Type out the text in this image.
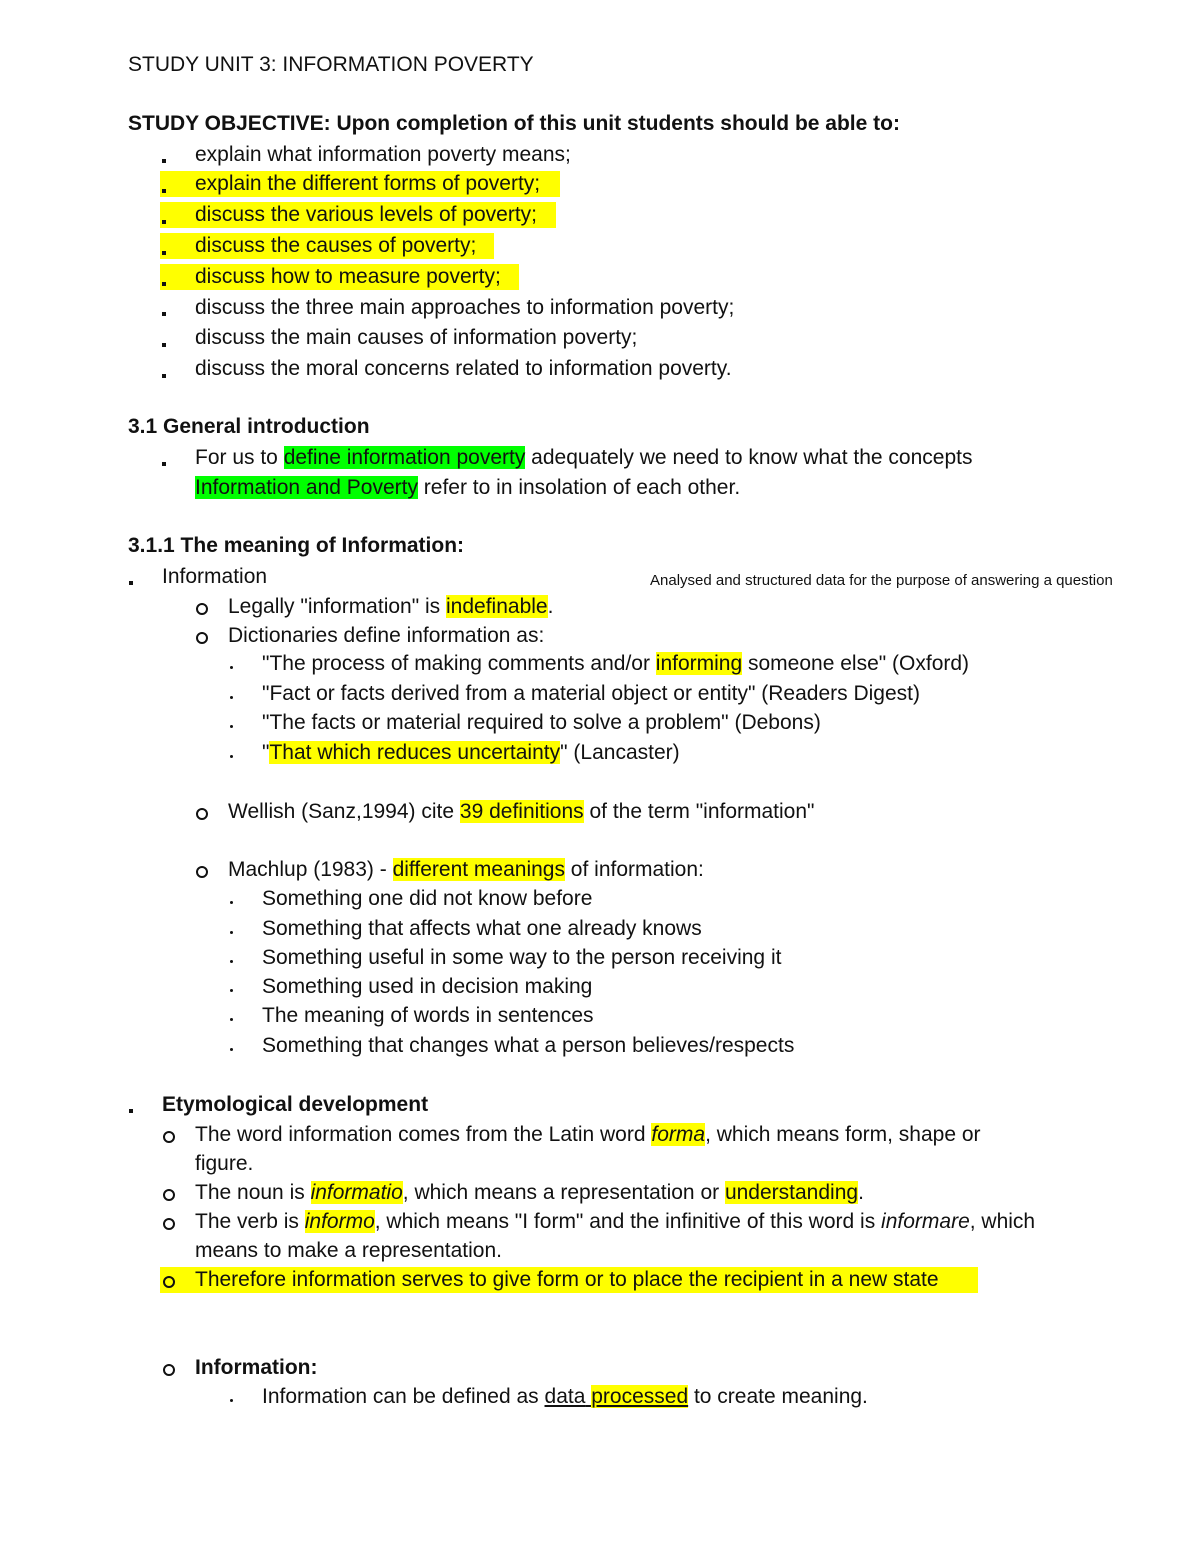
STUDY UNIT 3: INFORMATION POVERTY
STUDY OBJECTIVE: Upon completion of this unit students should be able to:
explain what information poverty means;
explain the different forms of poverty;
discuss the various levels of poverty;
discuss the causes of poverty;
discuss how to measure poverty;
discuss the three main approaches to information poverty;
discuss the main causes of information poverty;
discuss the moral concerns related to information poverty.
3.1 General introduction
For us to define information poverty adequately we need to know what the concepts
Information and Poverty refer to in insolation of each other.
3.1.1 The meaning of Information:
Information	Analysed and structured data for the purpose of answering a question
Legally "information" is indefinable.
Dictionaries define information as:
"The process of making comments and/or informing someone else" (Oxford)
"Fact or facts derived from a material object or entity" (Readers Digest)
"The facts or material required to solve a problem" (Debons)
"That which reduces uncertainty" (Lancaster)
Wellish (Sanz,1994) cite 39 definitions of the term "information"
Machlup (1983) - different meanings of information:
Something one did not know before
Something that affects what one already knows
Something useful in some way to the person receiving it
Something used in decision making
The meaning of words in sentences
Something that changes what a person believes/respects
Etymological development
The word information comes from the Latin word forma, which means form, shape or
figure.
The noun is informatio, which means a representation or understanding.
The verb is informo, which means "I form" and the infinitive of this word is informare, which
means to make a representation.
Therefore information serves to give form or to place the recipient in a new state
Information:
Information can be defined as data processed to create meaning.
